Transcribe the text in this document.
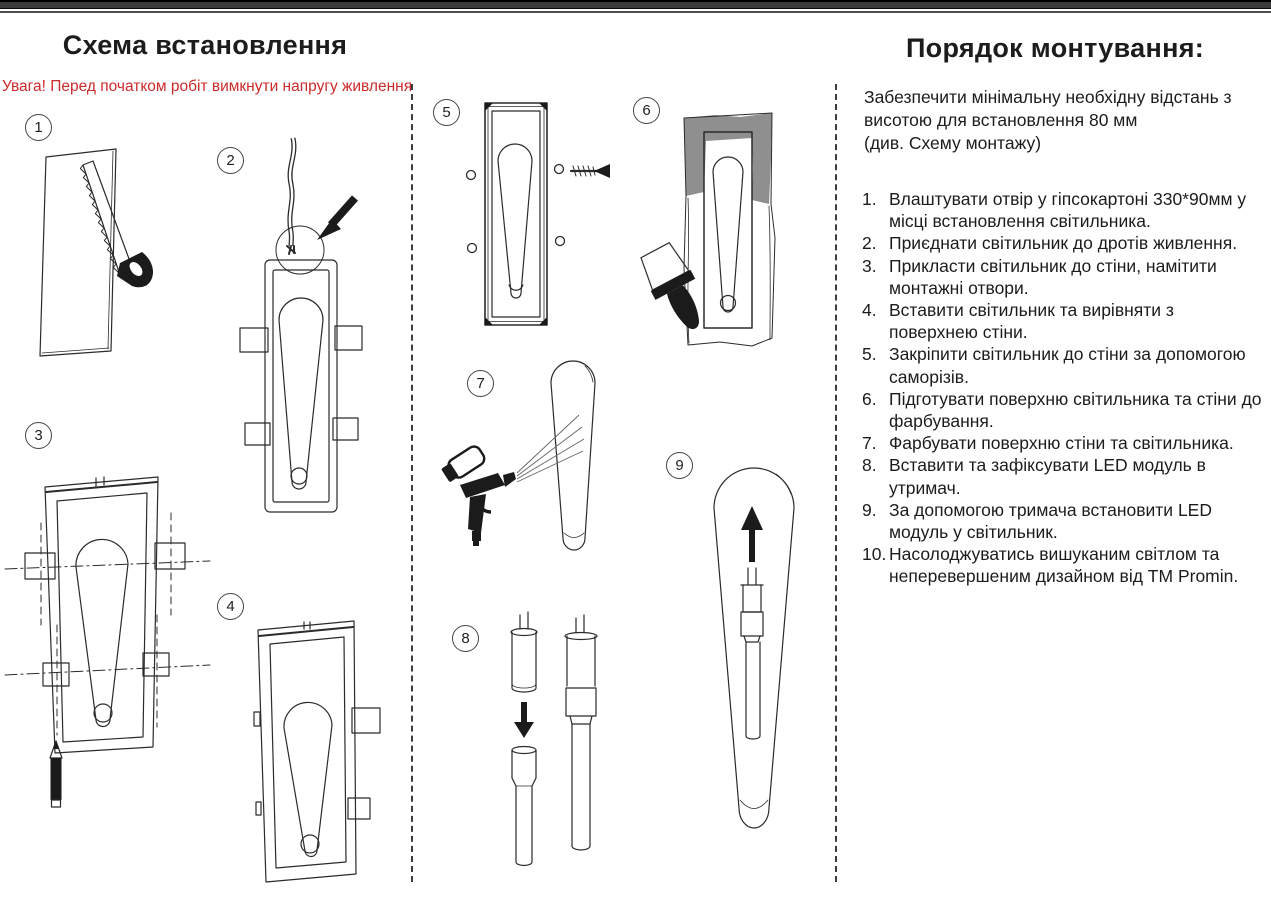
Схема встановлення
Увага! Перед початком робіт вимкнути напругу живлення
Порядок монтування:
Забезпечити мінімальну необхідну відстань з
висотою для встановлення 80 мм
(див. Схему монтажу)
1. Влаштувати отвір у гіпсокартоні 330*90мм у місці встановлення світильника.
2. Приєднати світильник до дротів живлення.
3. Прикласти світильник до стіни, намітити монтажні отвори.
4. Вставити світильник та вирівняти з поверхнею стіни.
5. Закріпити світильник до стіни за допомогою саморізів.
6. Підготувати поверхню світильника та стіни до фарбування.
7. Фарбувати поверхню стіни та світильника.
8. Вставити та зафіксувати LED модуль в утримач.
9. За допомогою тримача встановити LED модуль у світильник.
10. Насолоджуватись вишуканим світлом та неперевершеним дизайном від TM Promin.
1
2
3
4
5	6
7
8
9
